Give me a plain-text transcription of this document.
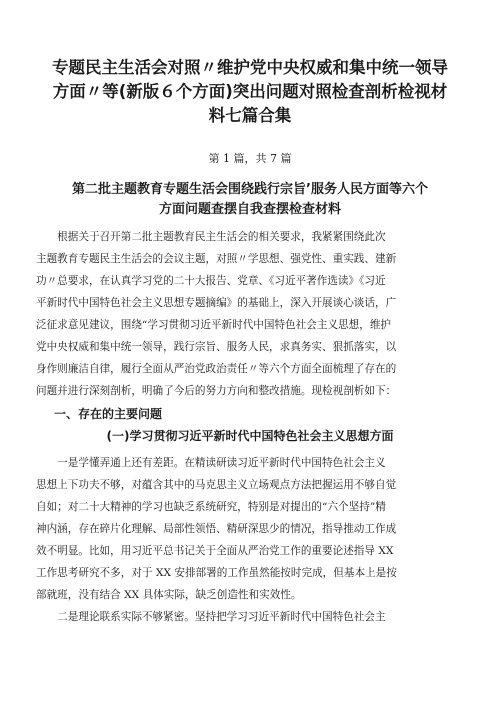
专题民主生活会对照〃维护党中央权威和集中统一领导
方面〃等(新版６个方面)突出问题对照检查剖析检视材
料七篇合集
第 1 篇，共 7 篇
第二批主题教育专题生活会围绕践行宗旨’服务人民方面等六个
方面问题查摆自我查摆检查材料

　　根据关于召开第二批主题教育民主生活会的相关要求，我紧紧围绕此次
主题教育专题民主生活会的会议主题，对照〃学思想、强党性、重实践、建新
功〃总要求，在认真学习党的二十大报告、党章、《习近平著作选读》《习近
平新时代中国特色社会主义思想专题摘编》的基础上，深入开展谈心谈话，广
泛征求意见建议，围绕“学习贯彻习近平新时代中国特色社会主义思想，维护
党中央权威和集中统一领导，践行宗旨、服务人民，求真务实、狠抓落实，以
身作则廉洁自律，履行全面从严治党政治责任〃等六个方面全面梳理了存在的
问题并进行深刻剖析，明确了今后的努力方向和整改措施。现检视剖析如下：

一、存在的主要问题
(一)学习贯彻习近平新时代中国特色社会主义思想方面

　　一是学懂弄通上还有差距。在精读研读习近平新时代中国特色社会主义
思想上下功夫不够，对蕴含其中的马克思主义立场观点方法把握运用不够自觉
自如；对二十大精神的学习也缺乏系统研究，特别是对提出的“六个坚持”精
神内涵，存在碎片化理解、局部性领悟、精研深思少的情况，指导推动工作成
效不明显。比如，用习近平总书记关于全面从严治党工作的重要论述指导 XX
工作思考研究不多，对于 XX 安排部署的工作虽然能按时完成，但基本上是按
部就班，没有结合 XX 具体实际，缺乏创造性和实效性。

　　二是理论联系实际不够紧密。坚持把学习习近平新时代中国特色社会主
